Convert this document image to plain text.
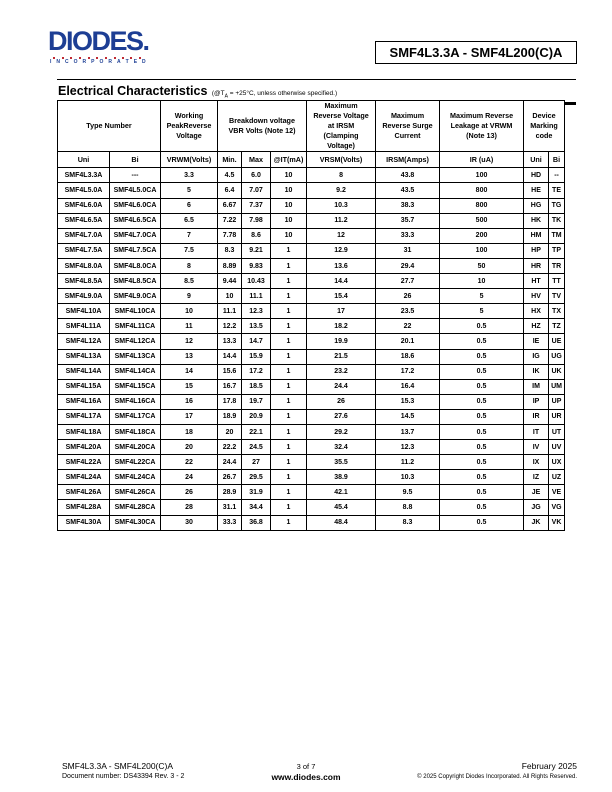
DIODES.
I N C O R P O R A T E D
SMF4L3.3A - SMF4L200(C)A
Electrical Characteristics ($@T_A = +25^\circ C$, unless otherwise specified.)
Type Number		Working PeakReverse Voltage	Breakdown voltage VBR Volts (Note 12)			Maximum Reverse Voltage at IRSM (Clamping Voltage)	Maximum Reverse Surge Current	Maximum Reverse Leakage at VRWM (Note 13)	Device Marking code	
Uni	Bi	VRWM(Volts)	Min.	Max	@IT(mA)	VRSM(Volts)	IRSM(Amps)	IR (uA)	Uni	Bi
SMF4L3.3A	---	3.3	4.5	6.0	10	8	43.8	100	HD	--
SMF4L5.0A	SMF4L5.0CA	5	6.4	7.07	10	9.2	43.5	800	HE	TE
SMF4L6.0A	SMF4L6.0CA	6	6.67	7.37	10	10.3	38.3	800	HG	TG
SMF4L6.5A	SMF4L6.5CA	6.5	7.22	7.98	10	11.2	35.7	500	HK	TK
SMF4L7.0A	SMF4L7.0CA	7	7.78	8.6	10	12	33.3	200	HM	TM
SMF4L7.5A	SMF4L7.5CA	7.5	8.3	9.21	1	12.9	31	100	HP	TP
SMF4L8.0A	SMF4L8.0CA	8	8.89	9.83	1	13.6	29.4	50	HR	TR
SMF4L8.5A	SMF4L8.5CA	8.5	9.44	10.43	1	14.4	27.7	10	HT	TT
SMF4L9.0A	SMF4L9.0CA	9	10	11.1	1	15.4	26	5	HV	TV
SMF4L10A	SMF4L10CA	10	11.1	12.3	1	17	23.5	5	HX	TX
SMF4L11A	SMF4L11CA	11	12.2	13.5	1	18.2	22	0.5	HZ	TZ
SMF4L12A	SMF4L12CA	12	13.3	14.7	1	19.9	20.1	0.5	IE	UE
SMF4L13A	SMF4L13CA	13	14.4	15.9	1	21.5	18.6	0.5	IG	UG
SMF4L14A	SMF4L14CA	14	15.6	17.2	1	23.2	17.2	0.5	IK	UK
SMF4L15A	SMF4L15CA	15	16.7	18.5	1	24.4	16.4	0.5	IM	UM
SMF4L16A	SMF4L16CA	16	17.8	19.7	1	26	15.3	0.5	IP	UP
SMF4L17A	SMF4L17CA	17	18.9	20.9	1	27.6	14.5	0.5	IR	UR
SMF4L18A	SMF4L18CA	18	20	22.1	1	29.2	13.7	0.5	IT	UT
SMF4L20A	SMF4L20CA	20	22.2	24.5	1	32.4	12.3	0.5	IV	UV
SMF4L22A	SMF4L22CA	22	24.4	27	1	35.5	11.2	0.5	IX	UX
SMF4L24A	SMF4L24CA	24	26.7	29.5	1	38.9	10.3	0.5	IZ	UZ
SMF4L26A	SMF4L26CA	26	28.9	31.9	1	42.1	9.5	0.5	JE	VE
SMF4L28A	SMF4L28CA	28	31.1	34.4	1	45.4	8.8	0.5	JG	VG
SMF4L30A	SMF4L30CA	30	33.3	36.8	1	48.4	8.3	0.5	JK	VK
SMF4L3.3A - SMF4L200(C)A
Document number: DS43394 Rev. 3 - 2
3 of 7
www.diodes.com
February 2025
© 2025 Copyright Diodes Incorporated. All Rights Reserved.
